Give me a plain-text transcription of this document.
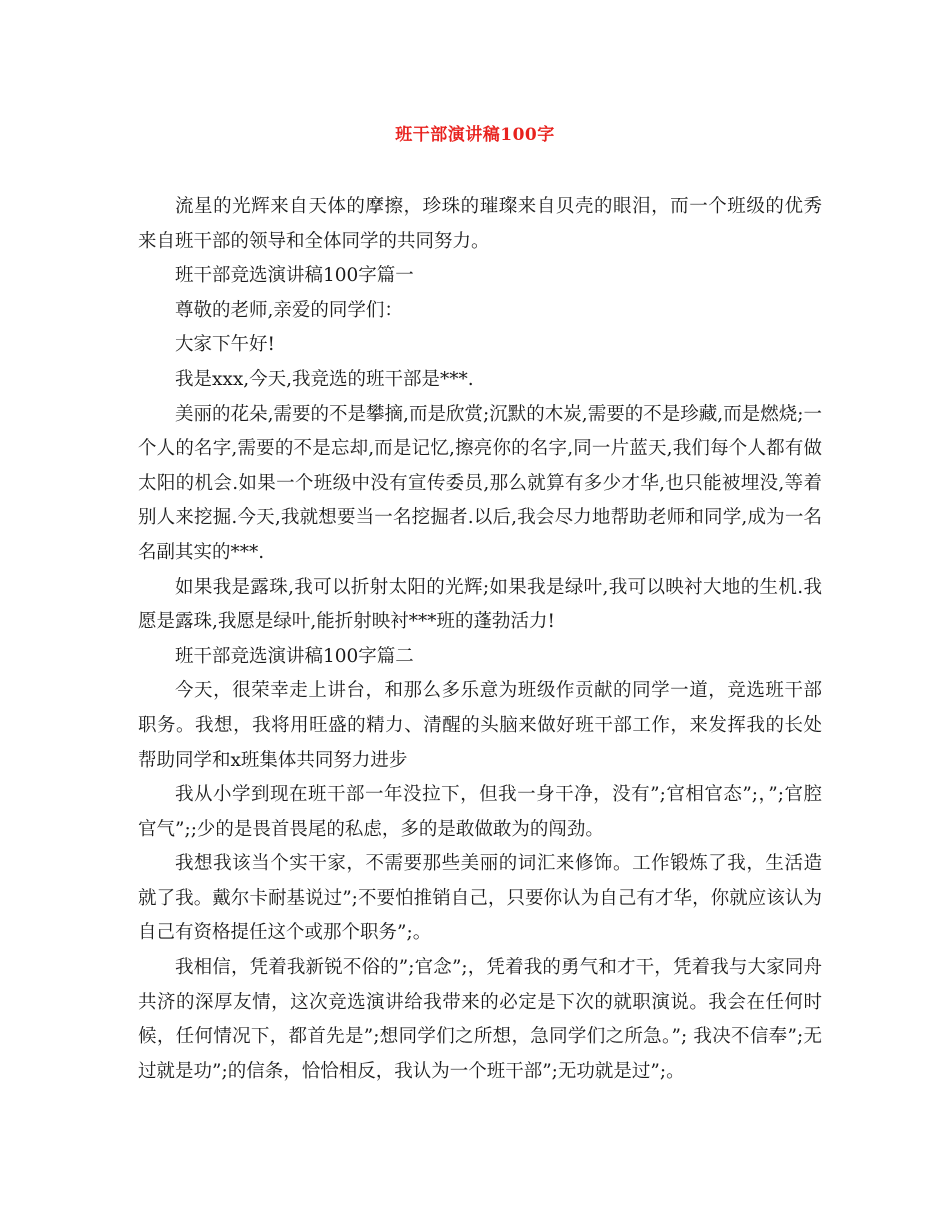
班干部演讲稿100字

流星的光辉来自天体的摩擦，珍珠的璀璨来自贝壳的眼泪，而一个班级的优秀来自班干部的领导和全体同学的共同努力。

班干部竞选演讲稿100字篇一

尊敬的老师,亲爱的同学们：

大家下午好!

我是xxx,今天,我竞选的班干部是***.

美丽的花朵,需要的不是攀摘,而是欣赏;沉默的木炭,需要的不是珍藏,而是燃烧;一个人的名字,需要的不是忘却,而是记忆,擦亮你的名字,同一片蓝天,我们每个人都有做太阳的机会.如果一个班级中没有宣传委员,那么就算有多少才华,也只能被埋没,等着别人来挖掘.今天,我就想要当一名挖掘者.以后,我会尽力地帮助老师和同学,成为一名名副其实的***.

如果我是露珠,我可以折射太阳的光辉;如果我是绿叶,我可以映衬大地的生机.我愿是露珠,我愿是绿叶,能折射映衬***班的蓬勃活力!

班干部竞选演讲稿100字篇二

今天，很荣幸走上讲台，和那么多乐意为班级作贡献的同学一道，竞选班干部职务。我想，我将用旺盛的精力、清醒的头脑来做好班干部工作，来发挥我的长处帮助同学和x班集体共同努力进步

我从小学到现在班干部一年没拉下，但我一身干净，没有”;官相官态”;，”;官腔官气”;;少的是畏首畏尾的私虑，多的是敢做敢为的闯劲。

我想我该当个实干家，不需要那些美丽的词汇来修饰。工作锻炼了我，生活造就了我。戴尔卡耐基说过”;不要怕推销自己，只要你认为自己有才华，你就应该认为自己有资格提任这个或那个职务”;。

我相信，凭着我新锐不俗的”;官念”;，凭着我的勇气和才干，凭着我与大家同舟共济的深厚友情，这次竞选演讲给我带来的必定是下次的就职演说。我会在任何时候，任何情况下，都首先是”;想同学们之所想，急同学们之所急。”; 我决不信奉”;无过就是功”;的信条，恰恰相反，我认为一个班干部”;无功就是过”;。
